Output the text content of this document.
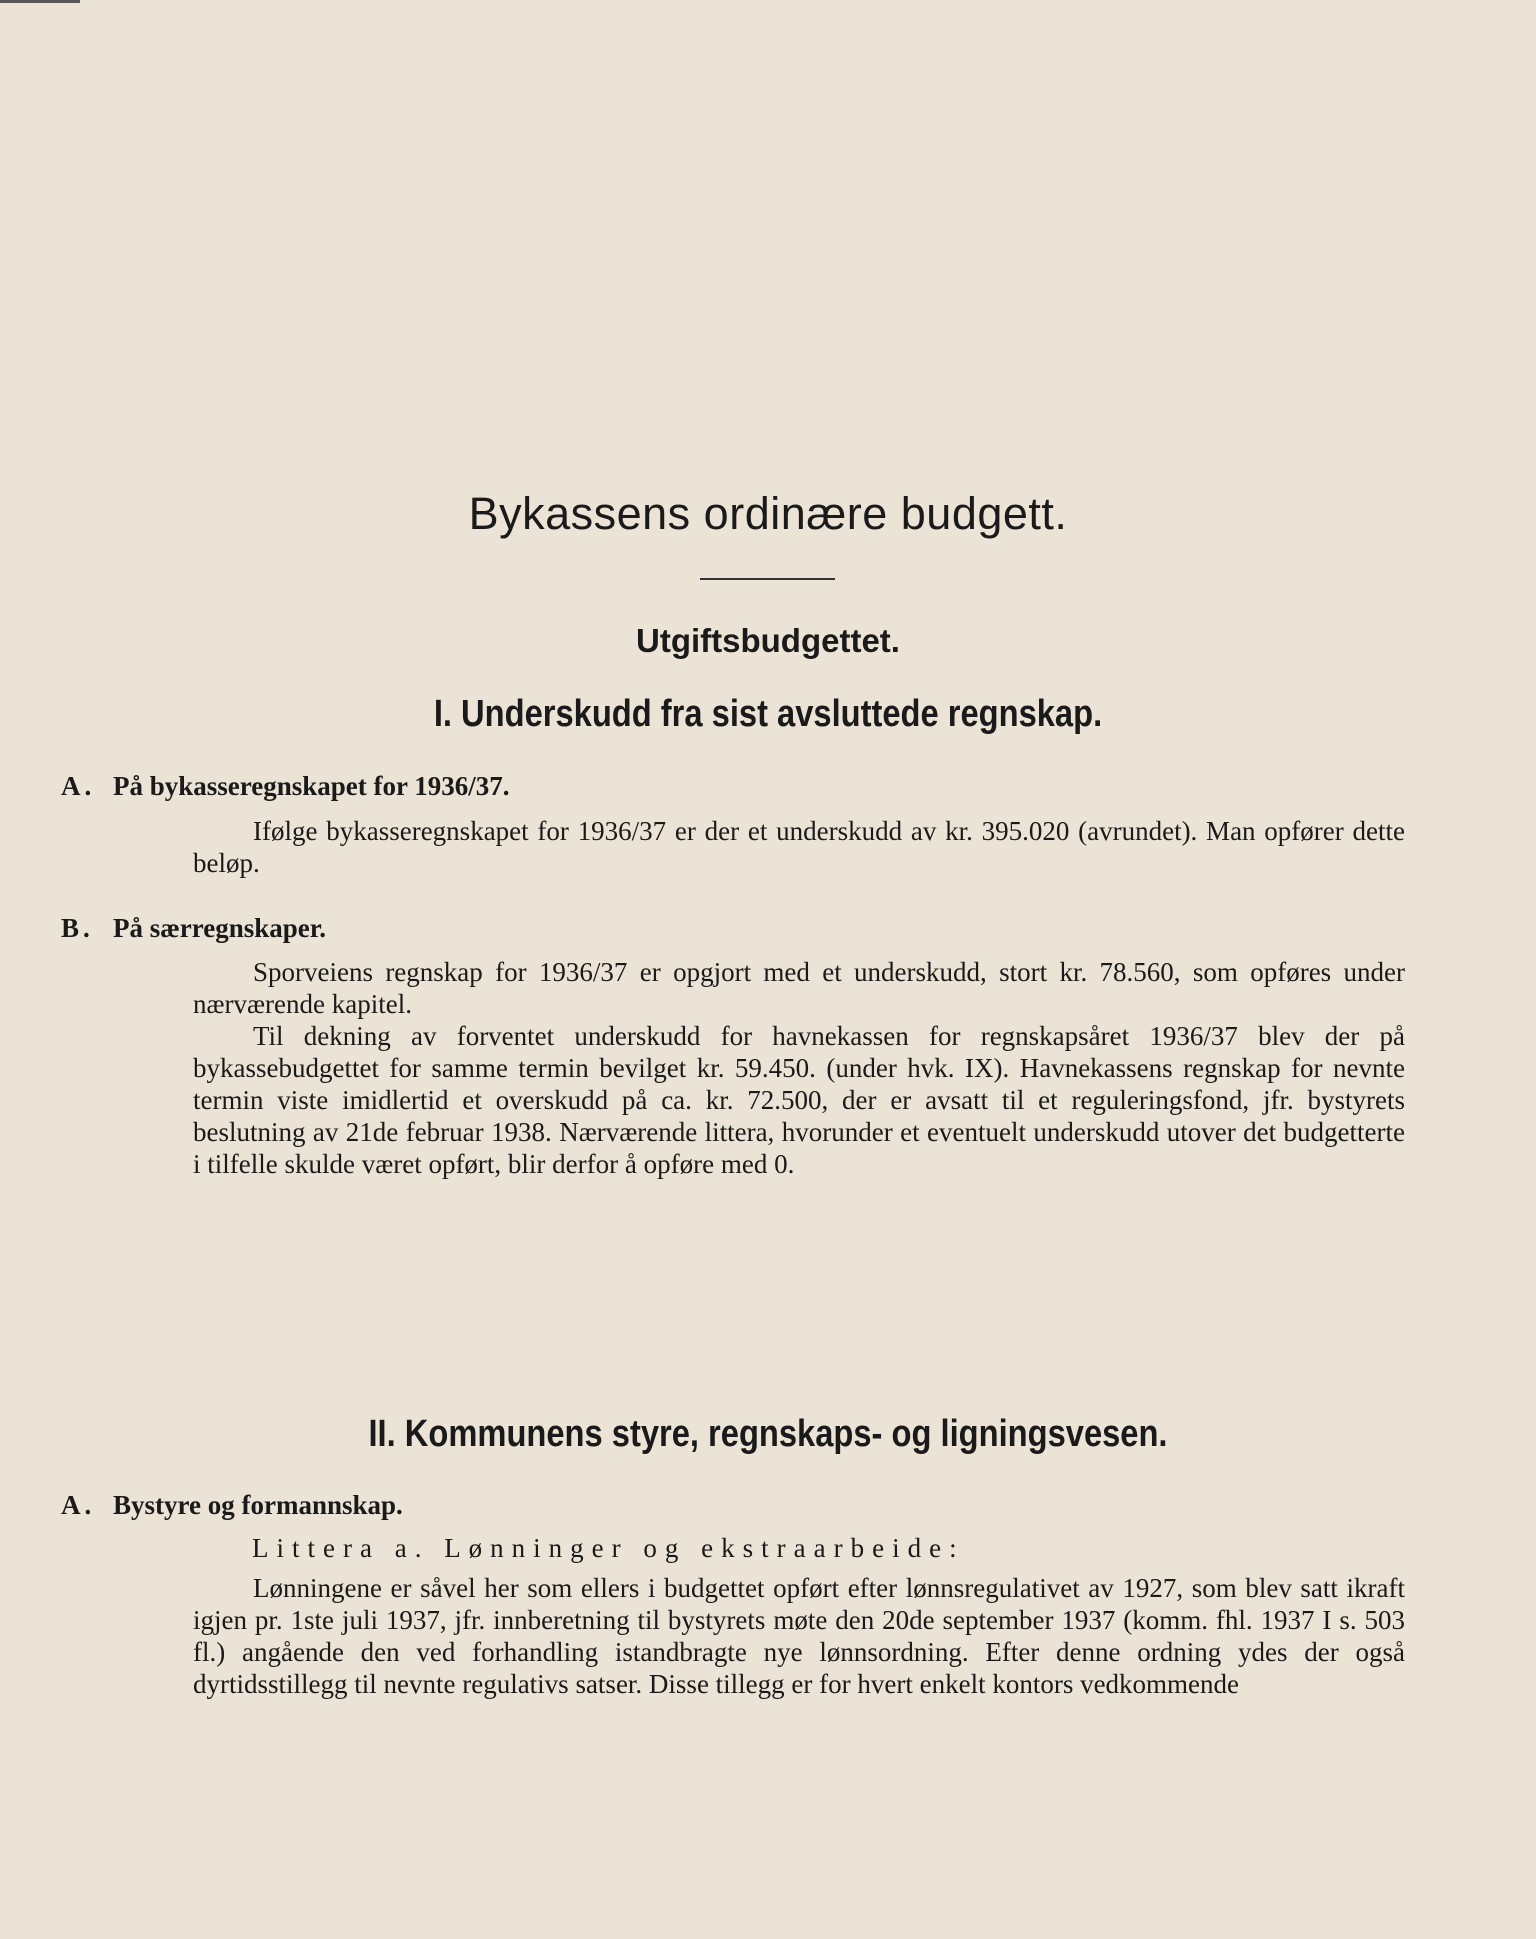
Bykassens ordinære budgett.
Utgiftsbudgettet.
I. Underskudd fra sist avsluttede regnskap.

A. På bykasseregnskapet for 1936/37.

Ifølge bykasseregnskapet for 1936/37 er der et underskudd av kr. 395.020 (avrundet). Man opfører dette beløp.

B. På særregnskaper.

Sporveiens regnskap for 1936/37 er opgjort med et underskudd, stort kr. 78.560, som opføres under nærværende kapitel.

Til dekning av forventet underskudd for havnekassen for regnskapsåret 1936/37 blev der på bykassebudgettet for samme termin bevilget kr. 59.450. (under hvk. IX). Havnekassens regnskap for nevnte termin viste imidlertid et overskudd på ca. kr. 72.500, der er avsatt til et reguleringsfond, jfr. bystyrets beslutning av 21de februar 1938. Nærværende littera, hvorunder et eventuelt underskudd utover det budgetterte i tilfelle skulde været opført, blir derfor å opføre med 0.

II. Kommunens styre, regnskaps- og ligningsvesen.

A. Bystyre og formannskap.

Littera a. Lønninger og ekstraarbeide:

Lønningene er såvel her som ellers i budgettet opført efter lønnsregulativet av 1927, som blev satt ikraft igjen pr. 1ste juli 1937, jfr. innberetning til bystyrets møte den 20de september 1937 (komm. fhl. 1937 I s. 503 fl.) angående den ved forhandling istandbragte nye lønnsordning. Efter denne ordning ydes der også dyrtidsstillegg til nevnte regulativs satser. Disse tillegg er for hvert enkelt kontors vedkommende
